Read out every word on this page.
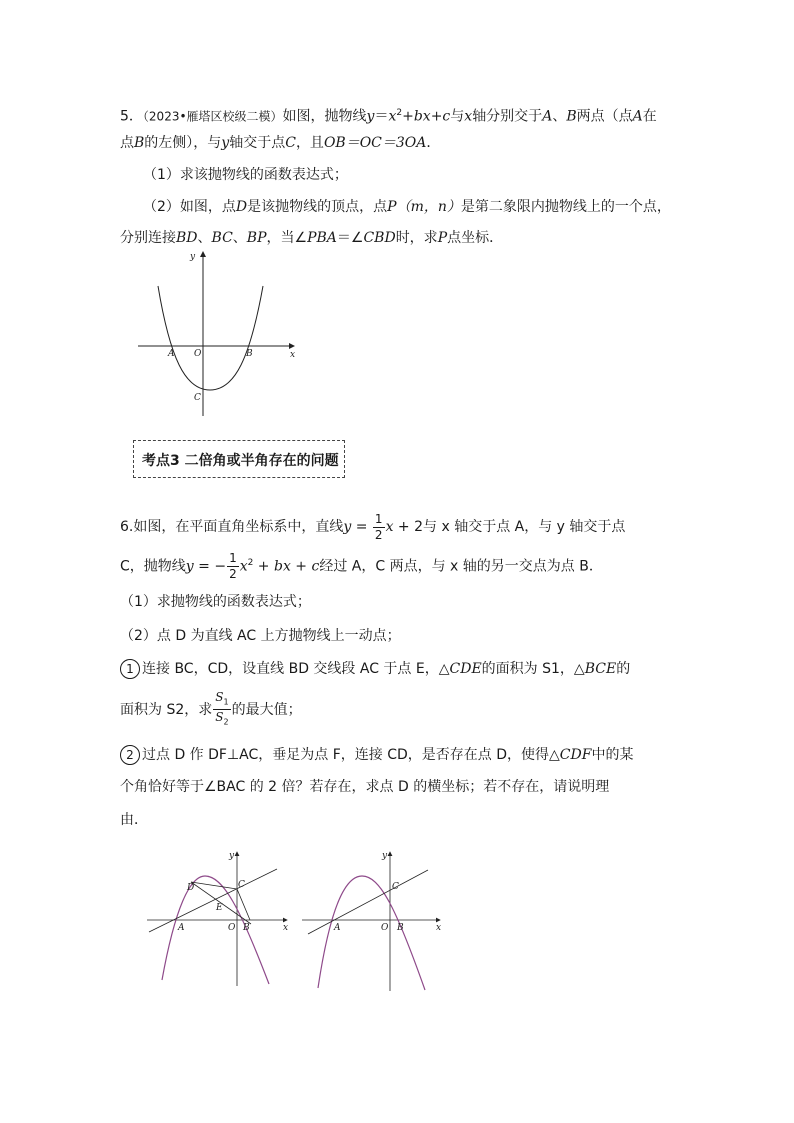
5．（2023•雁塔区校级二模）如图，抛物线$y=x^2+bx+c$与x轴分别交于A、B两点（点A在
点B的左侧），与y轴交于点C，且OB＝OC＝3OA．
（1）求该抛物线的函数表达式；
（2）如图，点D是该抛物线的顶点，点P（m，n）是第二象限内抛物线上的一个点，
分别连接BD、BC、BP，当∠PBA＝∠CBD时，求P点坐标．
y
x
A O	B
C
考点3 二倍角或半角存在的问题
6.如图，在平面直角坐标系中，直线$y = \frac{1}{2}$ x + 2与 x 轴交于点 A，与 y 轴交于点
C，抛物线y = − $\frac{1}{2} x^2$ + bx + c经过 A，C 两点，与 x 轴的另一交点为点 B．
（1）求抛物线的函数表达式；
（2）点 D 为直线 AC 上方抛物线上一动点；
1 连接 BC，CD，设直线 BD 交线段 AC 于点 E，△CDE的面积为 S1，△BCE的
面积为 S2，求 $\frac{S_1}{S_2}$ 的最大值；
2 过点 D 作 DF⊥AC，垂足为点 F，连接 CD，是否存在点 D，使得△CDF中的某
个角恰好等于∠BAC 的 2 倍？若存在，求点 D 的横坐标；若不存在，请说明理
由．
y
x
D	C
E
A	O B
y
x
C
A	O B
